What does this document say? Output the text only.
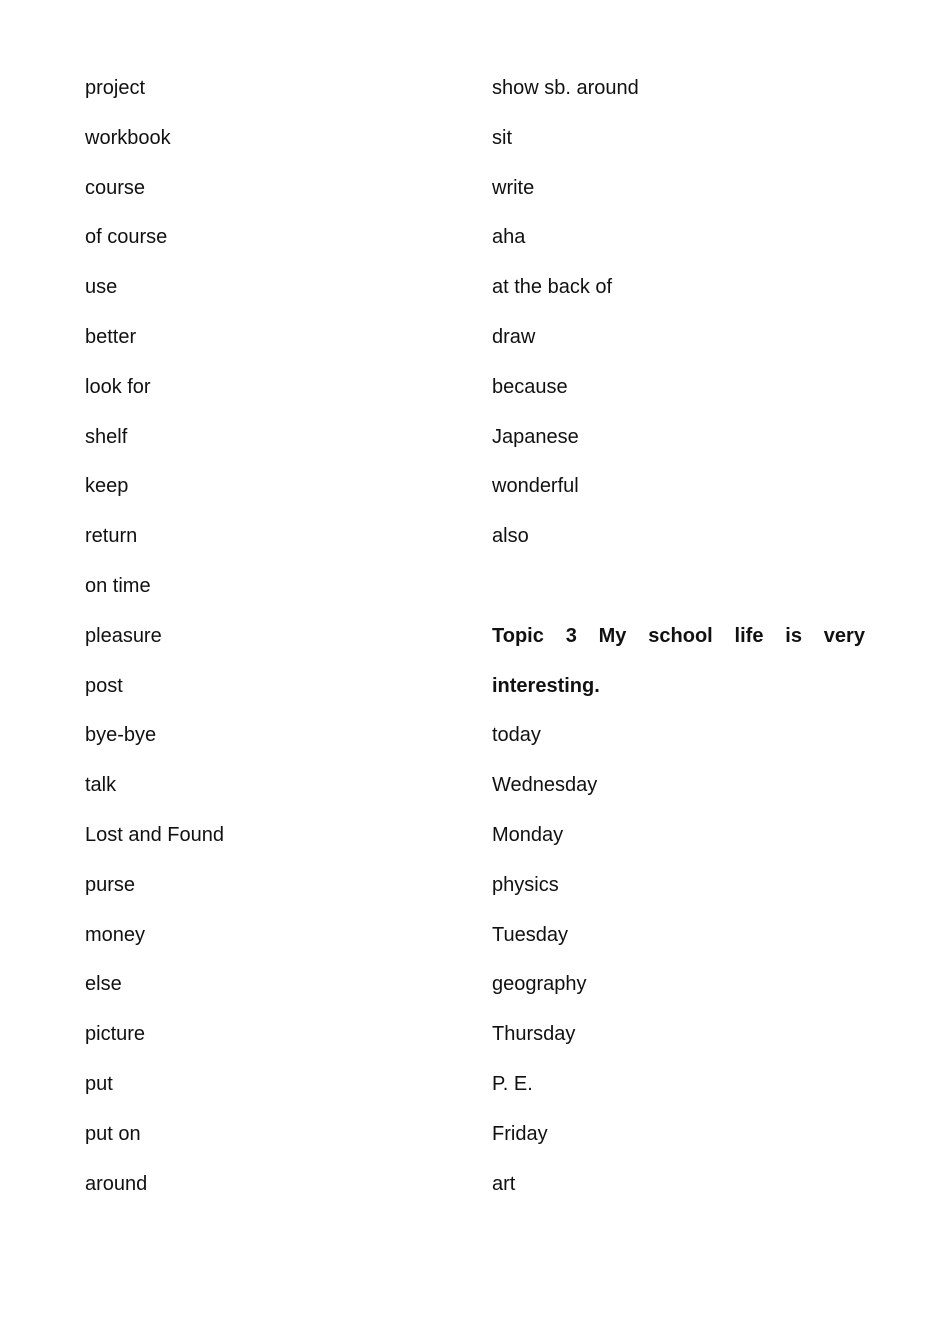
project
workbook
course
of course
use
better
look for
shelf
keep
return
on time
pleasure
post
bye-bye
talk
Lost and Found
purse
money
else
picture
put
put on
around
show sb. around
sit
write
aha
at the back of
draw
because
Japanese
wonderful
also
Topic 3 My school life is very
interesting.
today
Wednesday
Monday
physics
Tuesday
geography
Thursday
P. E.
Friday
art
